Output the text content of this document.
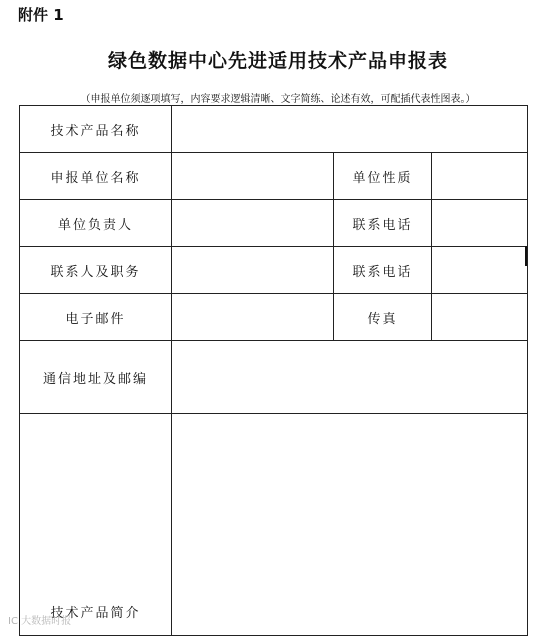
附件 1
绿色数据中心先进适用技术产品申报表
（申报单位须逐项填写，内容要求逻辑清晰、文字简练、论述有效，可配插代表性图表。）
技术产品名称			
申报单位名称		单位性质	
单位负责人		联系电话	
联系人及职务		联系电话	
电子邮件		传真	
通信地址及邮编			
技术产品简介			
IC 大数据时报
